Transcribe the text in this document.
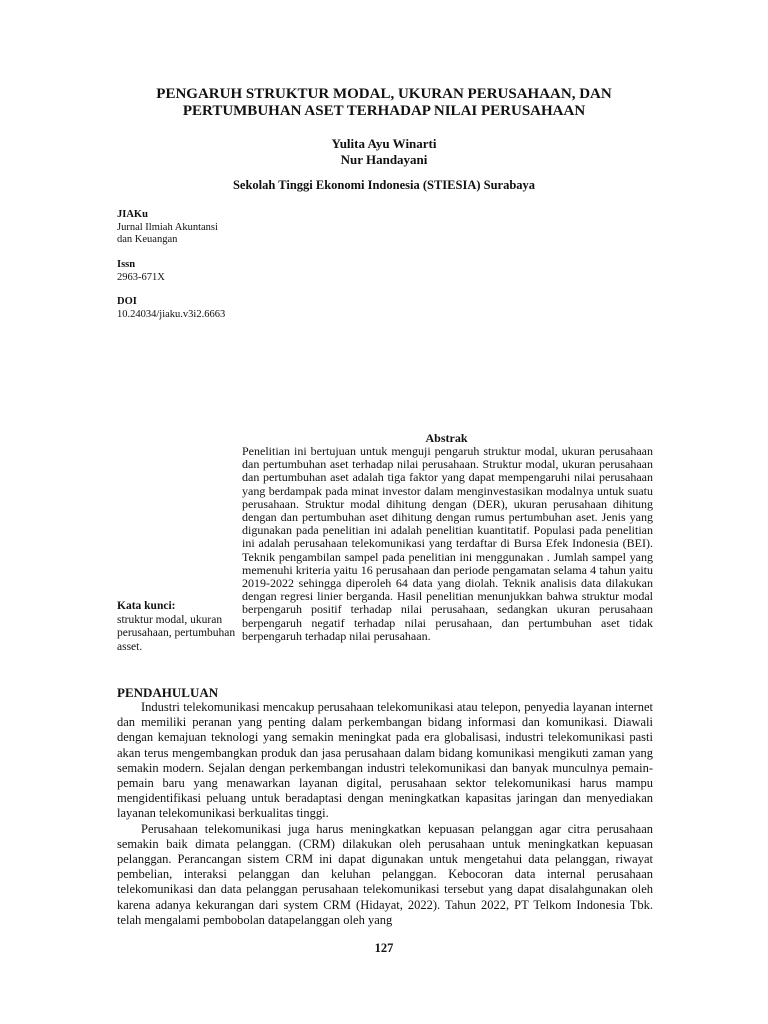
PENGARUH STRUKTUR MODAL, UKURAN PERUSAHAAN, DAN PERTUMBUHAN ASET TERHADAP NILAI PERUSAHAAN
Yulita Ayu Winarti
Nur Handayani
Sekolah Tinggi Ekonomi Indonesia (STIESIA) Surabaya
JIAKu
Jurnal Ilmiah Akuntansi
dan Keuangan
Issn
2963-671X
DOI
10.24034/jiaku.v3i2.6663
Abstrak
Penelitian ini bertujuan untuk menguji pengaruh struktur modal, ukuran perusahaan dan pertumbuhan aset terhadap nilai perusahaan. Struktur modal, ukuran perusahaan dan pertumbuhan aset adalah tiga faktor yang dapat mempengaruhi nilai perusahaan yang berdampak pada minat investor dalam menginvestasikan modalnya untuk suatu perusahaan. Struktur modal dihitung dengan (DER), ukuran perusahaan dihitung dengan dan pertumbuhan aset dihitung dengan rumus pertumbuhan aset. Jenis yang digunakan pada penelitian ini adalah penelitian kuantitatif. Populasi pada penelitian ini adalah perusahaan telekomunikasi yang terdaftar di Bursa Efek Indonesia (BEI). Teknik pengambilan sampel pada penelitian ini menggunakan . Jumlah sampel yang memenuhi kriteria yaitu 16 perusahaan dan periode pengamatan selama 4 tahun yaitu 2019-2022 sehingga diperoleh 64 data yang diolah. Teknik analisis data dilakukan dengan regresi linier berganda. Hasil penelitian menunjukkan bahwa struktur modal berpengaruh positif terhadap nilai perusahaan, sedangkan ukuran perusahaan berpengaruh negatif terhadap nilai perusahaan, dan pertumbuhan aset tidak berpengaruh terhadap nilai perusahaan.
Kata kunci:
struktur modal, ukuran perusahaan, pertumbuhan asset.
PENDAHULUAN

Industri telekomunikasi mencakup perusahaan telekomunikasi atau telepon, penyedia layanan internet dan memiliki peranan yang penting dalam perkembangan bidang informasi dan komunikasi. Diawali dengan kemajuan teknologi yang semakin meningkat pada era globalisasi, industri telekomunikasi pasti akan terus mengembangkan produk dan jasa perusahaan dalam bidang komunikasi mengikuti zaman yang semakin modern. Sejalan dengan perkembangan industri telekomunikasi dan banyak munculnya pemain-pemain baru yang menawarkan layanan digital, perusahaan sektor telekomunikasi harus mampu mengidentifikasi peluang untuk beradaptasi dengan meningkatkan kapasitas jaringan dan menyediakan layanan telekomunikasi berkualitas tinggi.

Perusahaan telekomunikasi juga harus meningkatkan kepuasan pelanggan agar citra perusahaan semakin baik dimata pelanggan. (CRM) dilakukan oleh perusahaan untuk meningkatkan kepuasan pelanggan. Perancangan sistem CRM ini dapat digunakan untuk mengetahui data pelanggan, riwayat pembelian, interaksi pelanggan dan keluhan pelanggan. Kebocoran data internal perusahaan telekomunikasi dan data pelanggan perusahaan telekomunikasi tersebut yang dapat disalahgunakan oleh karena adanya kekurangan dari system CRM (Hidayat, 2022). Tahun 2022, PT Telkom Indonesia Tbk. telah mengalami pembobolan datapelanggan oleh yang

127
